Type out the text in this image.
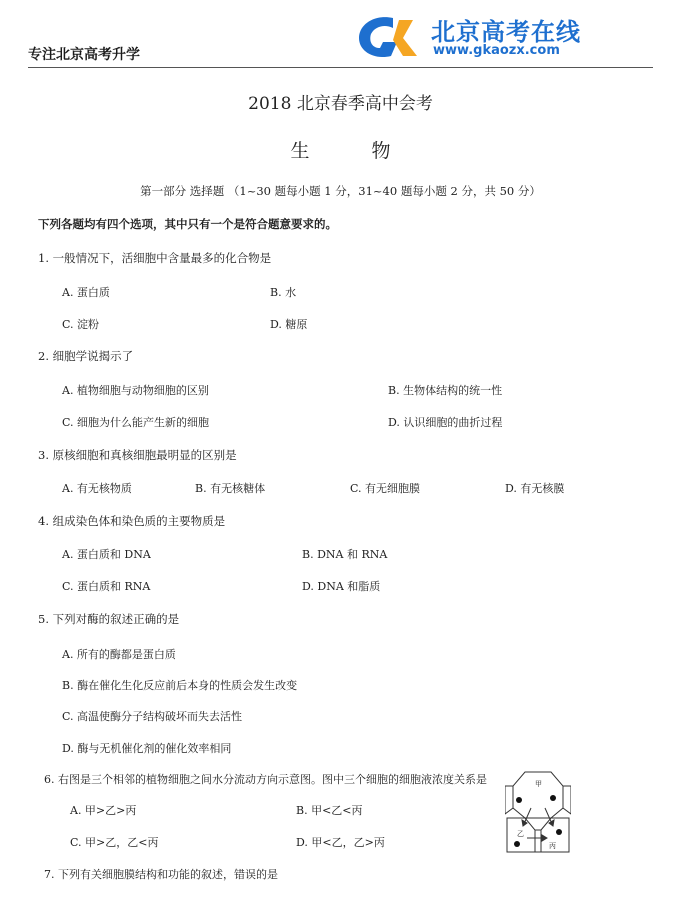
专注北京高考升学
北京高考在线
www.gkaozx.com
2018 北京春季高中会考
生 物
第一部分 选择题 （1~30 题每小题 1 分，31~40 题每小题 2 分，共 50 分）
下列各题均有四个选项，其中只有一个是符合题意要求的。
1. 一般情况下，活细胞中含量最多的化合物是
A. 蛋白质	B. 水
C. 淀粉	D. 糖原
2. 细胞学说揭示了
A. 植物细胞与动物细胞的区别	B. 生物体结构的统一性
C. 细胞为什么能产生新的细胞	D. 认识细胞的曲折过程
3. 原核细胞和真核细胞最明显的区别是
A. 有无核物质	B. 有无核糖体	C. 有无细胞膜	D. 有无核膜
4. 组成染色体和染色质的主要物质是
A. 蛋白质和 DNA	B. DNA 和 RNA
C. 蛋白质和 RNA	D. DNA 和脂质
5. 下列对酶的叙述正确的是
A. 所有的酶都是蛋白质
B. 酶在催化生化反应前后本身的性质会发生改变
C. 高温使酶分子结构破坏而失去活性
D. 酶与无机催化剂的催化效率相同
6. 右图是三个相邻的植物细胞之间水分流动方向示意图。图中三个细胞的细胞液浓度关系是
A. 甲>乙>丙	B. 甲<乙<丙
C. 甲>乙，乙<丙	D. 甲<乙，乙>丙
甲
乙
丙
7. 下列有关细胞膜结构和功能的叙述，错误的是
